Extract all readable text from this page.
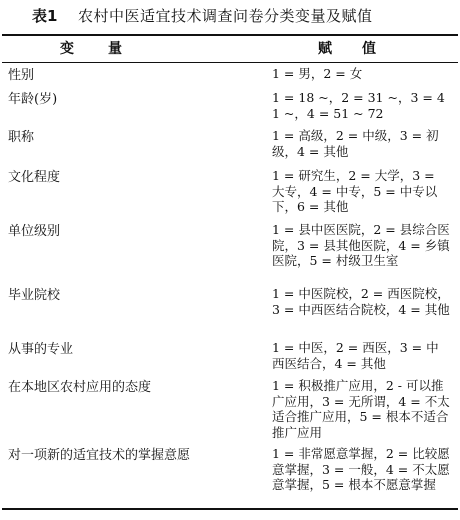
表1 农村中医适宜技术调查问卷分类变量及赋值
变 量	赋 值
性别	1 = 男，2 = 女
年龄(岁)	1 = 18 ~，2 = 31 ~，3 = 41 ~，4 = 51 ~ 72
职称	1 = 高级，2 = 中级，3 = 初级，4 = 其他
文化程度	1 = 研究生，2 = 大学，3 = 大专，4 = 中专，5 = 中专以下，6 = 其他
单位级别	1 = 县中医医院，2 = 县综合医院，3 = 县其他医院，4 = 乡镇医院，5 = 村级卫生室
毕业院校	1 = 中医院校，2 = 西医院校，3 = 中西医结合院校，4 = 其他
从事的专业	1 = 中医，2 = 西医，3 = 中西医结合，4 = 其他
在本地区农村应用的态度	1 = 积极推广应用，2 - 可以推广应用，3 = 无所谓，4 = 不太适合推广应用，5 = 根本不适合推广应用
对一项新的适宜技术的掌握意愿	1 = 非常愿意掌握，2 = 比较愿意掌握，3 = 一般，4 = 不太愿意掌握，5 = 根本不愿意掌握
